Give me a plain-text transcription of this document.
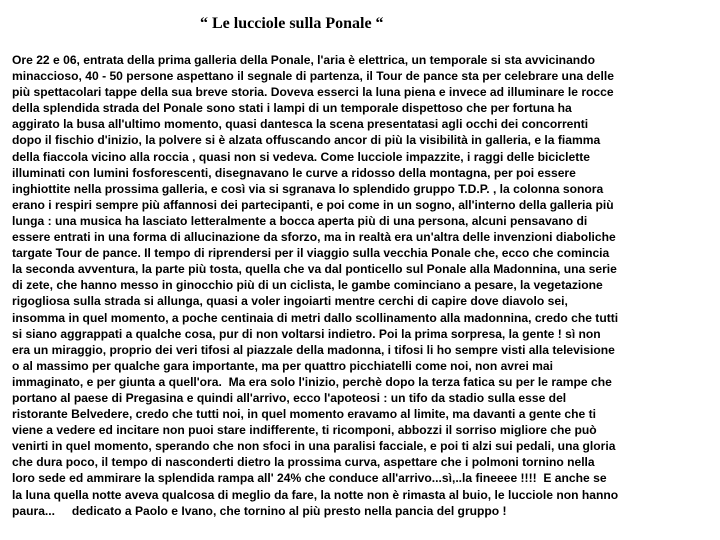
“ Le lucciole sulla Ponale “
Ore 22 e 06, entrata della prima galleria della Ponale, l'aria è elettrica, un temporale si sta avvicinando
minaccioso, 40 - 50 persone aspettano il segnale di partenza, il Tour de pance sta per celebrare una delle
più spettacolari tappe della sua breve storia. Doveva esserci la luna piena e invece ad illuminare le rocce
della splendida strada del Ponale sono stati i lampi di un temporale dispettoso che per fortuna ha
aggirato la busa all'ultimo momento, quasi dantesca la scena presentatasi agli occhi dei concorrenti
dopo il fischio d'inizio, la polvere si è alzata offuscando ancor di più la visibilità in galleria, e la fiamma
della fiaccola vicino alla roccia , quasi non si vedeva. Come lucciole impazzite, i raggi delle biciclette
illuminati con lumini fosforescenti, disegnavano le curve a ridosso della montagna, per poi essere
inghiottite nella prossima galleria, e così via si sgranava lo splendido gruppo T.D.P. , la colonna sonora
erano i respiri sempre più affannosi dei partecipanti, e poi come in un sogno, all'interno della galleria più
lunga : una musica ha lasciato letteralmente a bocca aperta più di una persona, alcuni pensavano di
essere entrati in una forma di allucinazione da sforzo, ma in realtà era un'altra delle invenzioni diaboliche
targate Tour de pance. Il tempo di riprendersi per il viaggio sulla vecchia Ponale che, ecco che comincia
la seconda avventura, la parte più tosta, quella che va dal ponticello sul Ponale alla Madonnina, una serie
di zete, che hanno messo in ginocchio più di un ciclista, le gambe cominciano a pesare, la vegetazione
rigogliosa sulla strada si allunga, quasi a voler ingoiarti mentre cerchi di capire dove diavolo sei,
insomma in quel momento, a poche centinaia di metri dallo scollinamento alla madonnina, credo che tutti
si siano aggrappati a qualche cosa, pur di non voltarsi indietro. Poi la prima sorpresa, la gente ! sì non
era un miraggio, proprio dei veri tifosi al piazzale della madonna, i tifosi li ho sempre visti alla televisione
o al massimo per qualche gara importante, ma per quattro picchiatelli come noi, non avrei mai
immaginato, e per giunta a quell'ora.  Ma era solo l'inizio, perchè dopo la terza fatica su per le rampe che
portano al paese di Pregasina e quindi all'arrivo, ecco l'apoteosi : un tifo da stadio sulla esse del
ristorante Belvedere, credo che tutti noi, in quel momento eravamo al limite, ma davanti a gente che ti
viene a vedere ed incitare non puoi stare indifferente, ti ricomponi, abbozzi il sorriso migliore che può
venirti in quel momento, sperando che non sfoci in una paralisi facciale, e poi ti alzi sui pedali, una gloria
che dura poco, il tempo di nasconderti dietro la prossima curva, aspettare che i polmoni tornino nella
loro sede ed ammirare la splendida rampa all' 24% che conduce all'arrivo...sì,..la fineeee !!!!  E anche se
la luna quella notte aveva qualcosa di meglio da fare, la notte non è rimasta al buio, le lucciole non hanno
paura...     dedicato a Paolo e Ivano, che tornino al più presto nella pancia del gruppo !
